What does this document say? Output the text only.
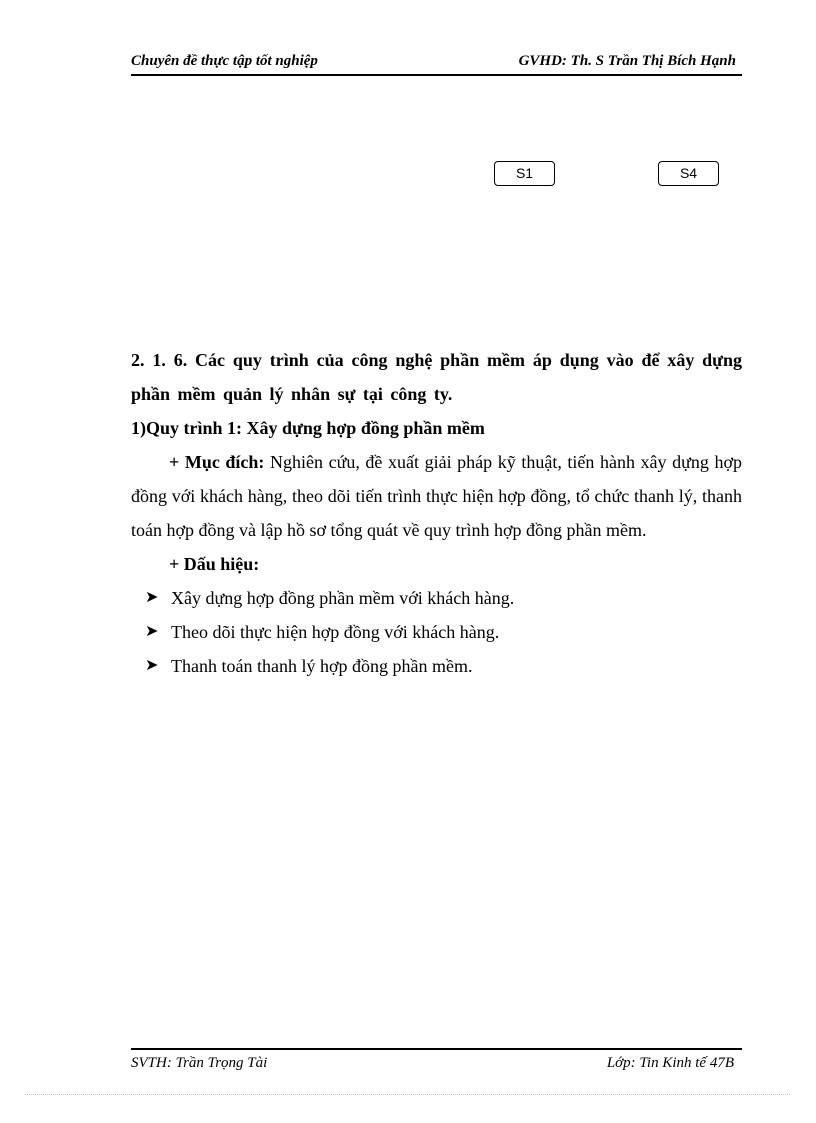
Chuyên đề thực tập tốt nghiệp	GVHD: Th. S Trần Thị Bích Hạnh
S1	S4

2. 1. 6. Các quy trình của công nghệ phần mềm áp dụng vào để xây dựng phần mềm quản lý nhân sự tại công ty.

1)Quy trình 1: Xây dựng hợp đồng phần mềm

+ Mục đích: Nghiên cứu, đề xuất giải pháp kỹ thuật, tiến hành xây dựng hợp đồng với khách hàng, theo dõi tiến trình thực hiện hợp đồng, tổ chức thanh lý, thanh toán hợp đồng và lập hồ sơ tổng quát về quy trình hợp đồng phần mềm.

+ Dấu hiệu:

➤ Xây dựng hợp đồng phần mềm với khách hàng.
➤ Theo dõi thực hiện hợp đồng với khách hàng.
➤ Thanh toán thanh lý hợp đồng phần mềm.
SVTH: Trần Trọng Tài	Lớp: Tin Kinh tế 47B
